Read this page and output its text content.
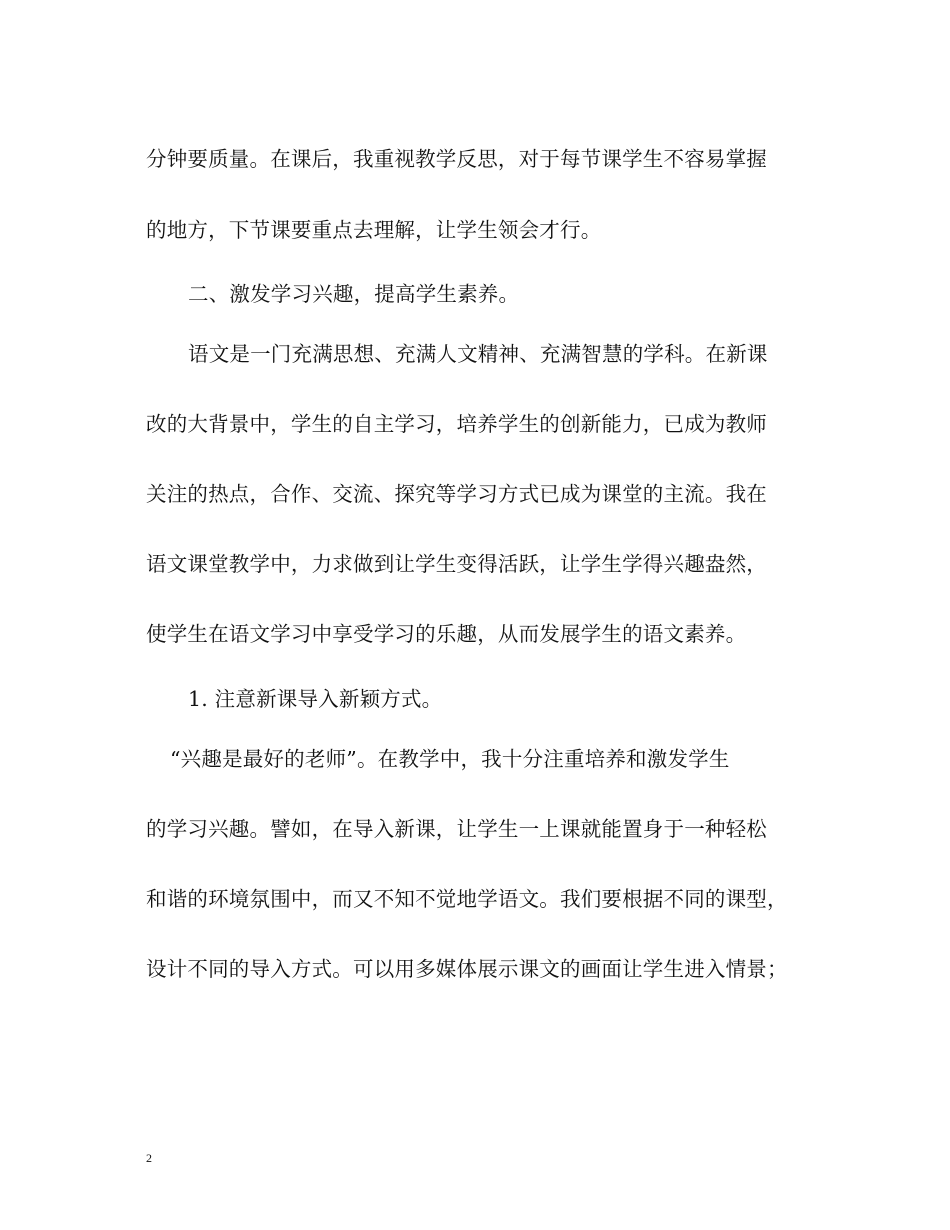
分钟要质量。在课后，我重视教学反思，对于每节课学生不容易掌握
的地方，下节课要重点去理解，让学生领会才行。
二、激发学习兴趣，提高学生素养。
语文是一门充满思想、充满人文精神、充满智慧的学科。在新课
改的大背景中，学生的自主学习，培养学生的创新能力，已成为教师
关注的热点，合作、交流、探究等学习方式已成为课堂的主流。我在
语文课堂教学中，力求做到让学生变得活跃，让学生学得兴趣盎然，
使学生在语文学习中享受学习的乐趣，从而发展学生的语文素养。
1. 注意新课导入新颖方式。
“兴趣是最好的老师”。在教学中，我十分注重培养和激发学生
的学习兴趣。譬如，在导入新课，让学生一上课就能置身于一种轻松
和谐的环境氛围中，而又不知不觉地学语文。我们要根据不同的课型，
设计不同的导入方式。可以用多媒体展示课文的画面让学生进入情景；
2
